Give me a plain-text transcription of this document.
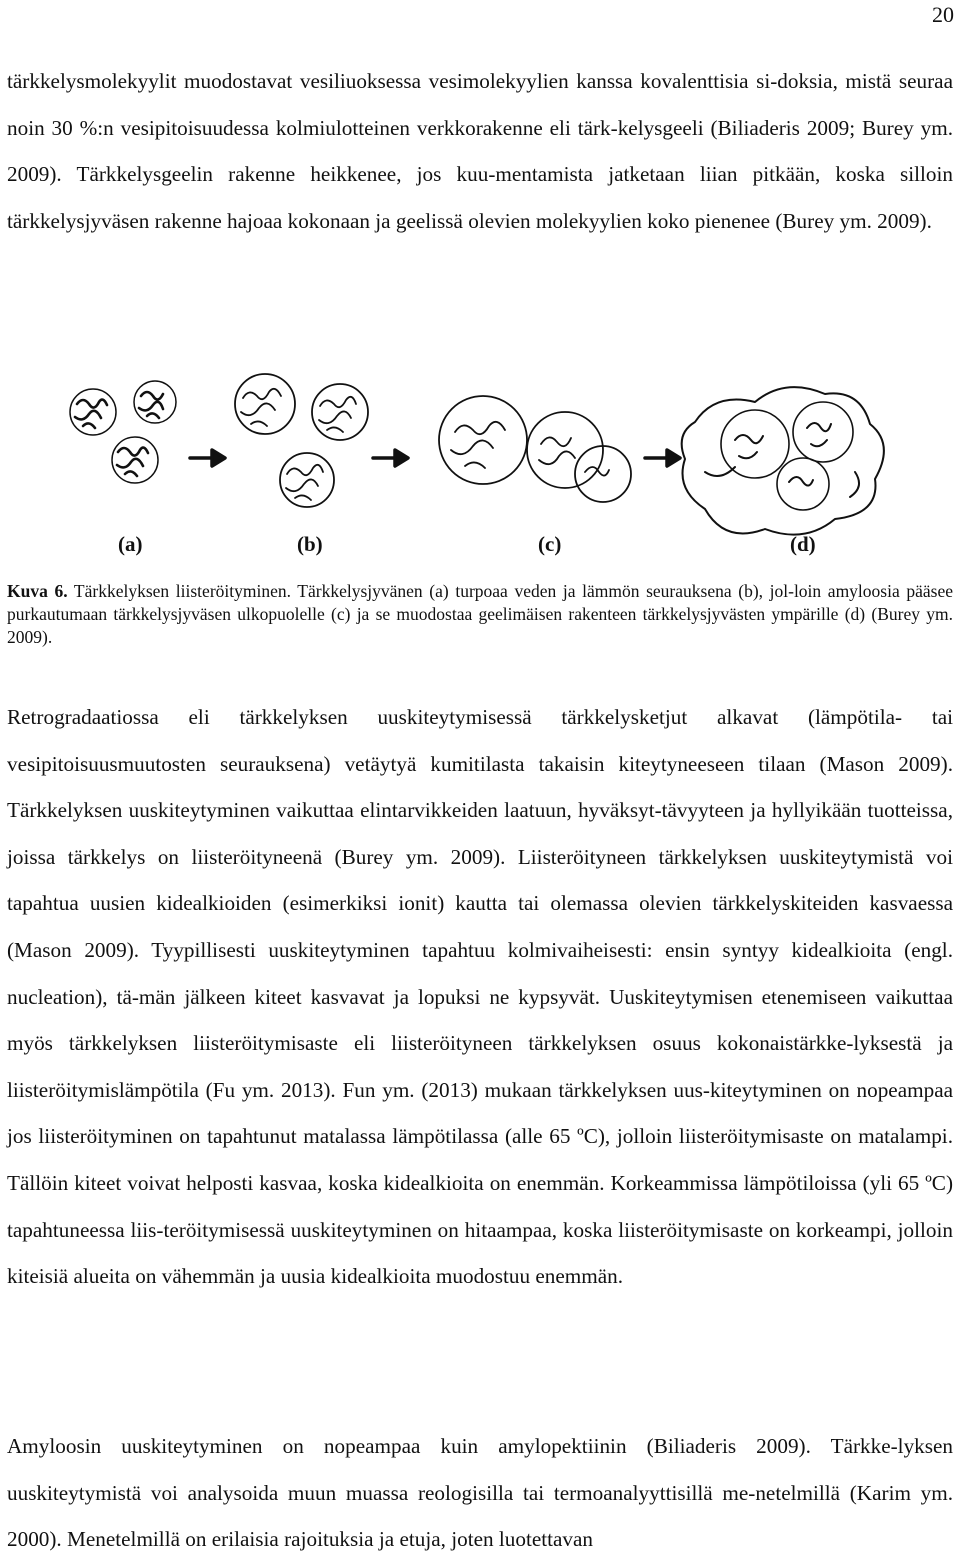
20

tärkkelysmolekyylit muodostavat vesiliuoksessa vesimolekyylien kanssa kovalenttisia si-doksia, mistä seuraa noin 30 %:n vesipitoisuudessa kolmiulotteinen verkkorakenne eli tärk-kelysgeeli (Biliaderis 2009; Burey ym. 2009). Tärkkelysgeelin rakenne heikkenee, jos kuu-mentamista jatketaan liian pitkään, koska silloin tärkkelysjyväsen rakenne hajoaa kokonaan ja geelissä olevien molekyylien koko pienenee (Burey ym. 2009).

(a)	(b)	(c)	(d)

Kuva 6. Tärkkelyksen liisteröityminen. Tärkkelysjyvänen (a) turpoaa veden ja lämmön seurauksena (b), jol-loin amyloosia pääsee purkautumaan tärkkelysjyväsen ulkopuolelle (c) ja se muodostaa geelimäisen rakenteen tärkkelysjyvästen ympärille (d) (Burey ym. 2009).

Retrogradaatiossa eli tärkkelyksen uuskiteytymisessä tärkkelysketjut alkavat (lämpötila- tai vesipitoisuusmuutosten seurauksena) vetäytyä kumitilasta takaisin kiteytyneeseen tilaan (Mason 2009). Tärkkelyksen uuskiteytyminen vaikuttaa elintarvikkeiden laatuun, hyväksyt-tävyyteen ja hyllyikään tuotteissa, joissa tärkkelys on liisteröityneenä (Burey ym. 2009). Liisteröityneen tärkkelyksen uuskiteytymistä voi tapahtua uusien kidealkioiden (esimerkiksi ionit) kautta tai olemassa olevien tärkkelyskiteiden kasvaessa (Mason 2009). Tyypillisesti uuskiteytyminen tapahtuu kolmivaiheisesti: ensin syntyy kidealkioita (engl. nucleation), tä-män jälkeen kiteet kasvavat ja lopuksi ne kypsyvät. Uuskiteytymisen etenemiseen vaikuttaa myös tärkkelyksen liisteröitymisaste eli liisteröityneen tärkkelyksen osuus kokonaistärkke-lyksestä ja liisteröitymislämpötila (Fu ym. 2013). Fun ym. (2013) mukaan tärkkelyksen uus-kiteytyminen on nopeampaa jos liisteröityminen on tapahtunut matalassa lämpötilassa (alle 65 ºC), jolloin liisteröitymisaste on matalampi. Tällöin kiteet voivat helposti kasvaa, koska kidealkioita on enemmän. Korkeammissa lämpötiloissa (yli 65 ºC) tapahtuneessa liis-teröitymisessä uuskiteytyminen on hitaampaa, koska liisteröitymisaste on korkeampi, jolloin kiteisiä alueita on vähemmän ja uusia kidealkioita muodostuu enemmän.

Amyloosin uuskiteytyminen on nopeampaa kuin amylopektiinin (Biliaderis 2009). Tärkke-lyksen uuskiteytymistä voi analysoida muun muassa reologisilla tai termoanalyyttisillä me-netelmillä (Karim ym. 2000). Menetelmillä on erilaisia rajoituksia ja etuja, joten luotettavan
